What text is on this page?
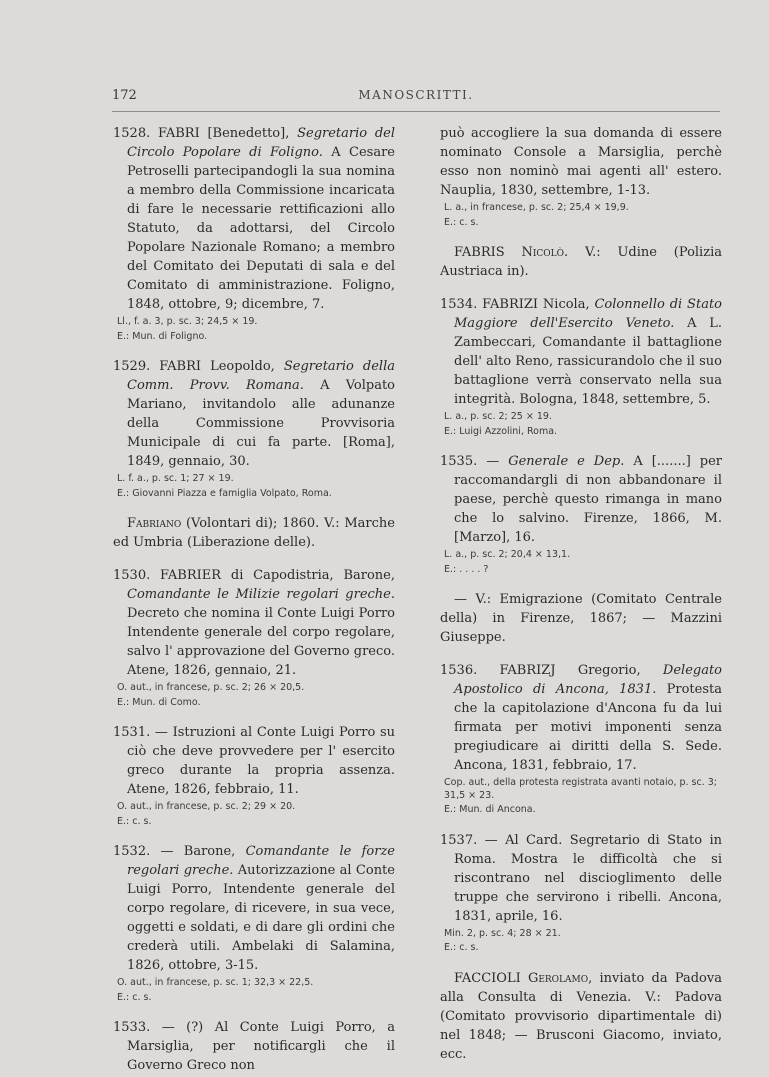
172	MANOSCRITTI.

1528. FABRI [Benedetto], Segretario del Circolo Popolare di Foligno. A Cesare Petroselli partecipandogli la sua nomina a membro della Commissione incaricata di fare le necessarie rettificazioni allo Statuto, da adottarsi, del Circolo Popolare Nazionale Romano; a membro del Comitato dei Deputati di sala e del Comitato di amministrazione. Foligno, 1848, ottobre, 9; dicembre, 7.

Ll., f. a. 3, p. sc. 3; 24,5 × 19.
E.: Mun. di Foligno.

1529. FABRI Leopoldo, Segretario della Comm. Provv. Romana. A Volpato Mariano, invitandolo alle adunanze della Commissione Provvisoria Municipale di cui fa parte. [Roma], 1849, gennaio, 30.

L. f. a., p. sc. 1; 27 × 19.
E.: Giovanni Piazza e famiglia Volpato, Roma.

Fabriano (Volontari di); 1860. V.: Marche ed Umbria (Liberazione delle).

1530. FABRIER di Capodistria, Barone, Comandante le Milizie regolari greche. Decreto che nomina il Conte Luigi Porro Intendente generale del corpo regolare, salvo l' approvazione del Governo greco. Atene, 1826, gennaio, 21.

O. aut., in francese, p. sc. 2; 26 × 20,5.
E.: Mun. di Como.

1531. — Istruzioni al Conte Luigi Porro su ciò che deve provvedere per l' esercito greco durante la propria assenza. Atene, 1826, febbraio, 11.

O. aut., in francese, p. sc. 2; 29 × 20.
E.: c. s.

1532. — Barone, Comandante le forze regolari greche. Autorizzazione al Conte Luigi Porro, Intendente generale del corpo regolare, di ricevere, in sua vece, oggetti e soldati, e di dare gli ordini che crederà utili. Ambelaki di Salamina, 1826, ottobre, 3-15.

O. aut., in francese, p. sc. 1; 32,3 × 22,5.
E.: c. s.

1533. — (?) Al Conte Luigi Porro, a Marsiglia, per notificargli che il Governo Greco non

può accogliere la sua domanda di essere nominato Console a Marsiglia, perchè esso non nominò mai agenti all' estero. Nauplia, 1830, settembre, 1-13.

L. a., in francese, p. sc. 2; 25,4 × 19,9.
E.: c. s.

FABRIS Nicolò. V.: Udine (Polizia Austriaca in).

1534. FABRIZI Nicola, Colonnello di Stato Maggiore dell'Esercito Veneto. A L. Zambeccari, Comandante il battaglione dell' alto Reno, rassicurandolo che il suo battaglione verrà conservato nella sua integrità. Bologna, 1848, settembre, 5.

L. a., p. sc. 2; 25 × 19.
E.: Luigi Azzolini, Roma.

1535. — Generale e Dep. A [.......] per raccomandargli di non abbandonare il paese, perchè questo rimanga in mano che lo salvino. Firenze, 1866, M. [Marzo], 16.

L. a., p. sc. 2; 20,4 × 13,1.
E.: . . . . ?

— V.: Emigrazione (Comitato Centrale della) in Firenze, 1867; — Mazzini Giuseppe.

1536. FABRIZJ Gregorio, Delegato Apostolico di Ancona, 1831. Protesta che la capitolazione d'Ancona fu da lui firmata per motivi imponenti senza pregiudicare ai diritti della S. Sede. Ancona, 1831, febbraio, 17.

Cop. aut., della protesta registrata avanti notaio, p. sc. 3; 31,5 × 23.
E.: Mun. di Ancona.

1537. — Al Card. Segretario di Stato in Roma. Mostra le difficoltà che si riscontrano nel discioglimento delle truppe che servirono i ribelli. Ancona, 1831, aprile, 16.

Min. 2, p. sc. 4; 28 × 21.
E.: c. s.

FACCIOLI Gerolamo, inviato da Padova alla Consulta di Venezia. V.: Padova (Comitato provvisorio dipartimentale di) nel 1848; — Brusconi Giacomo, inviato, ecc.
